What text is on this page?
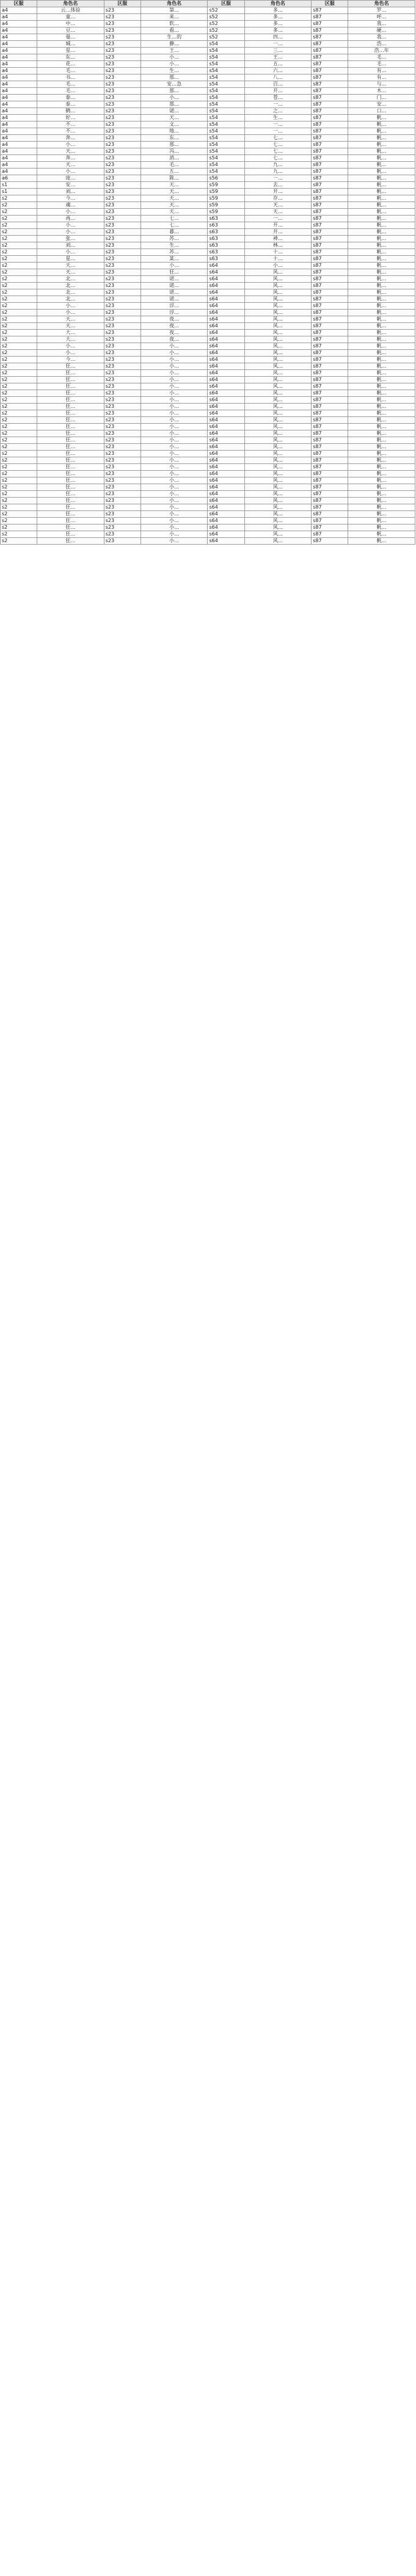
区服	角色名	区服	角色名	区服	角色名	区服	角色名
a4	云…体验	s23	第…	s52	多…	s87	罗…
a4	童…	s23	来…	s52	多…	s87	呼…
a4	中…	s23	软…	s52	多…	s87	我…
a4	豆…	s23	看…	s52	多…	s87	硬…
a4	曼…	s23	生…的	s52	四…	s87	我…
a4	城…	s23	静…	s54	一…	s87	浩…
a4	星…	s23	王…	s54	三…	s87	浩…年
a4	东…	s23	小…	s54	王…	s87	毛…
a4	花…	s23	小…	s54	五…	s87	毛…
a4	毛…	s23	生…	s54	六…	s87	有…
a4	书…	s23	那…	s54	八…	s87	有…
a4	毛…	s23	安…急	s54	百…	s87	与…
a4	毛…	s23	那…	s54	开…	s87	木…
a4	泰…	s23	小…	s54	苍…	s87	门…
a4	泰…	s23	那…	s54	一…	s87	安…
a4	鹤…	s23	诺…	s54	之…	s87	口…
a4	好…	s23	天…	s54	生…	s87	帆…
a4	不…	s23	文…	s54	一…	s87	帆…
a4	不…	s23	地…	s54	一…	s87	帆…
a4	奔…	s23	东…	s54	七…	s87	帆…
a4	小…	s23	那…	s54	七…	s87	帆…
a4	天…	s23	冯…	s54	七…	s87	帆…
a4	奔…	s23	消…	s54	七…	s87	帆…
a4	天…	s23	毛…	s54	九…	s87	帆…
a4	小…	s23	五…	s54	九…	s87	帆…
a6	庞…	s23	陈…	s56	一…	s87	帆…
s1	安…	s23	天…	s59	去…	s87	帆…
s1	刘…	s23	天…	s59	开…	s87	帆…
s2	今…	s23	天…	s59	存…	s87	帆…
s2	魂…	s23	天…	s59	天…	s87	帆…
s2	小…	s23	天…	s59	天…	s87	帆…
s2	再…	s23	七…	s63	一…	s87	帆…
s2	小…	s23	七…	s63	开…	s87	帆…
s2	小…	s23	暮…	s63	开…	s87	帆…
s2	张…	s23	苏…	s63	神…	s87	帆…
s2	刘…	s23	生…	s63	林…	s87	帆…
s2	小…	s23	苏…	s63	十…	s87	帆…
s2	星…	s23	某…	s63	十…	s87	帆…
s2	天…	s23	小…	s64	小…	s87	帆…
s2	天…	s23	狂…	s64	风…	s87	帆…
s2	北…	s23	诺…	s64	风…	s87	帆…
s2	北…	s23	诺…	s64	风…	s87	帆…
s2	北…	s23	诺…	s64	风…	s87	帆…
s2	北…	s23	诺…	s64	风…	s87	帆…
s2	小…	s23	浮…	s64	风…	s87	帆…
s2	小…	s23	浮…	s64	风…	s87	帆…
s2	天…	s23	夜…	s64	风…	s87	帆…
s2	天…	s23	夜…	s64	风…	s87	帆…
s2	大…	s23	夜…	s64	风…	s87	帆…
s2	大…	s23	夜…	s64	风…	s87	帆…
s2	小…	s23	小…	s64	风…	s87	帆…
s2	小…	s23	小…	s64	风…	s87	帆…
s2	今…	s23	小…	s64	风…	s87	帆…
s2	狂…	s23	小…	s64	风…	s87	帆…
s2	狂…	s23	小…	s64	风…	s87	帆…
s2	狂…	s23	小…	s64	风…	s87	帆…
s2	狂…	s23	小…	s64	风…	s87	帆…
s2	狂…	s23	小…	s64	风…	s87	帆…
s2	狂…	s23	小…	s64	风…	s87	帆…
s2	狂…	s23	小…	s64	风…	s87	帆…
s2	狂…	s23	小…	s64	风…	s87	帆…
s2	狂…	s23	小…	s64	风…	s87	帆…
s2	狂…	s23	小…	s64	风…	s87	帆…
s2	狂…	s23	小…	s64	风…	s87	帆…
s2	狂…	s23	小…	s64	风…	s87	帆…
s2	狂…	s23	小…	s64	风…	s87	帆…
s2	狂…	s23	小…	s64	风…	s87	帆…
s2	狂…	s23	小…	s64	风…	s87	帆…
s2	狂…	s23	小…	s64	风…	s87	帆…
s2	狂…	s23	小…	s64	风…	s87	帆…
s2	狂…	s23	小…	s64	风…	s87	帆…
s2	狂…	s23	小…	s64	风…	s87	帆…
s2	狂…	s23	小…	s64	风…	s87	帆…
s2	狂…	s23	小…	s64	风…	s87	帆…
s2	狂…	s23	小…	s64	风…	s87	帆…
s2	狂…	s23	小…	s64	风…	s87	帆…
s2	狂…	s23	小…	s64	风…	s87	帆…
s2	狂…	s23	小…	s64	风…	s87	帆…
s2	狂…	s23	小…	s64	风…	s87	帆…
s2	狂…	s23	小…	s64	风…	s87	帆…
